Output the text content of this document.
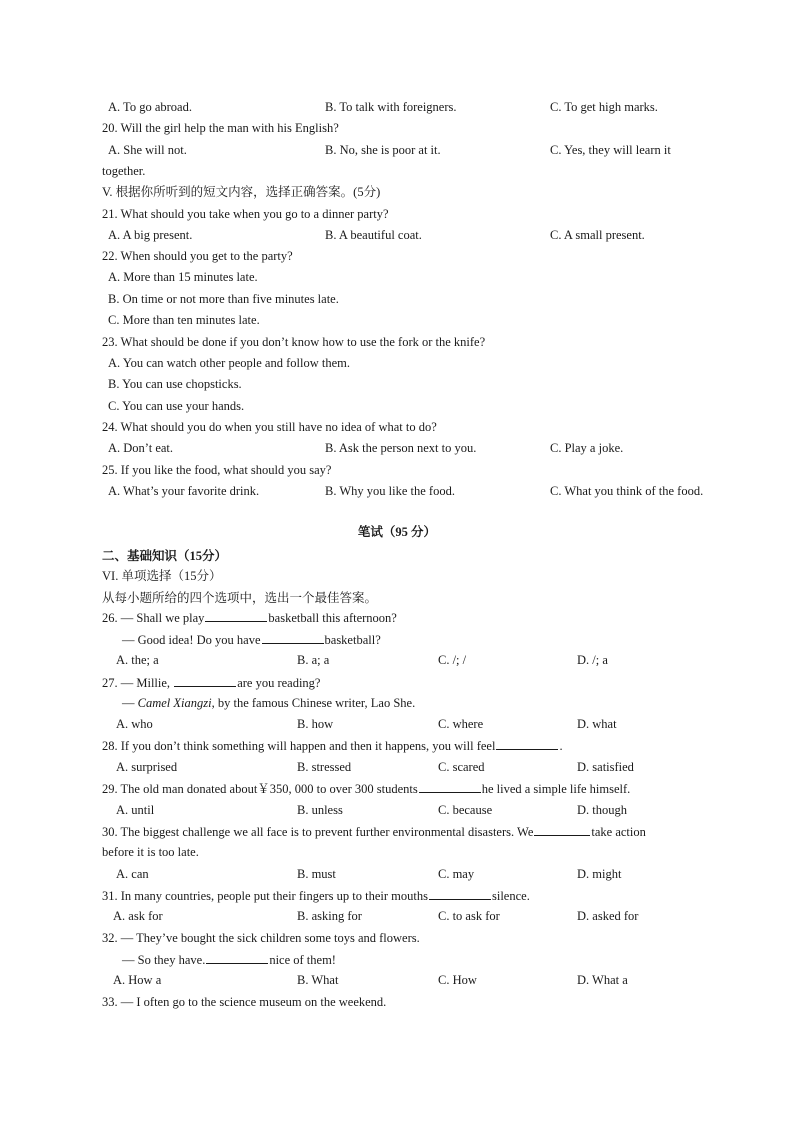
A. To go abroad.	B. To talk with foreigners.	C. To get high marks.
20. Will the girl help the man with his English?
A. She will not.	B. No, she is poor at it.	C. Yes, they will learn it
together.
V. 根据你所听到的短文内容，选择正确答案。(5分)
21. What should you take when you go to a dinner party?
A. A big present.	B. A beautiful coat.	C. A small present.
22. When should you get to the party?
A. More than 15 minutes late.
B. On time or not more than five minutes late.
C. More than ten minutes late.
23. What should be done if you don’t know how to use the fork or the knife?
A. You can watch other people and follow them.
B. You can use chopsticks.
C. You can use your hands.
24. What should you do when you still have no idea of what to do?
A. Don’t eat.	B. Ask the person next to you.	C. Play a joke.
25. If you like the food, what should you say?
A. What’s your favorite drink.	B. Why you like the food.	C. What you think of the food.
笔试（95 分）
二、基础知识（15分）
VI. 单项选择（15分）
从每小题所给的四个选项中，选出一个最佳答案。
26. — Shall we play	basketball this afternoon?
— Good idea! Do you have	basketball?
A. the; a	B. a; a	C. /; /	D. /; a
27. — Millie,	are you reading?
— Camel Xiangzi, by the famous Chinese writer, Lao She.
A. who	B. how	C. where	D. what
28. If you don’t think something will happen and then it happens, you will feel	.
A. surprised	B. stressed	C. scared	D. satisfied
29. The old man donated about￥350, 000 to over 300 students	he lived a simple life himself.
A. until	B. unless	C. because	D. though
30. The biggest challenge we all face is to prevent further environmental disasters. We	take action
before it is too late.
A. can	B. must	C. may	D. might
31. In many countries, people put their fingers up to their mouths	silence.
A. ask for	B. asking for	C. to ask for	D. asked for
32. — They’ve bought the sick children some toys and flowers.
— So they have.	nice of them!
A. How a	B. What	C. How	D. What a
33. — I often go to the science museum on the weekend.
